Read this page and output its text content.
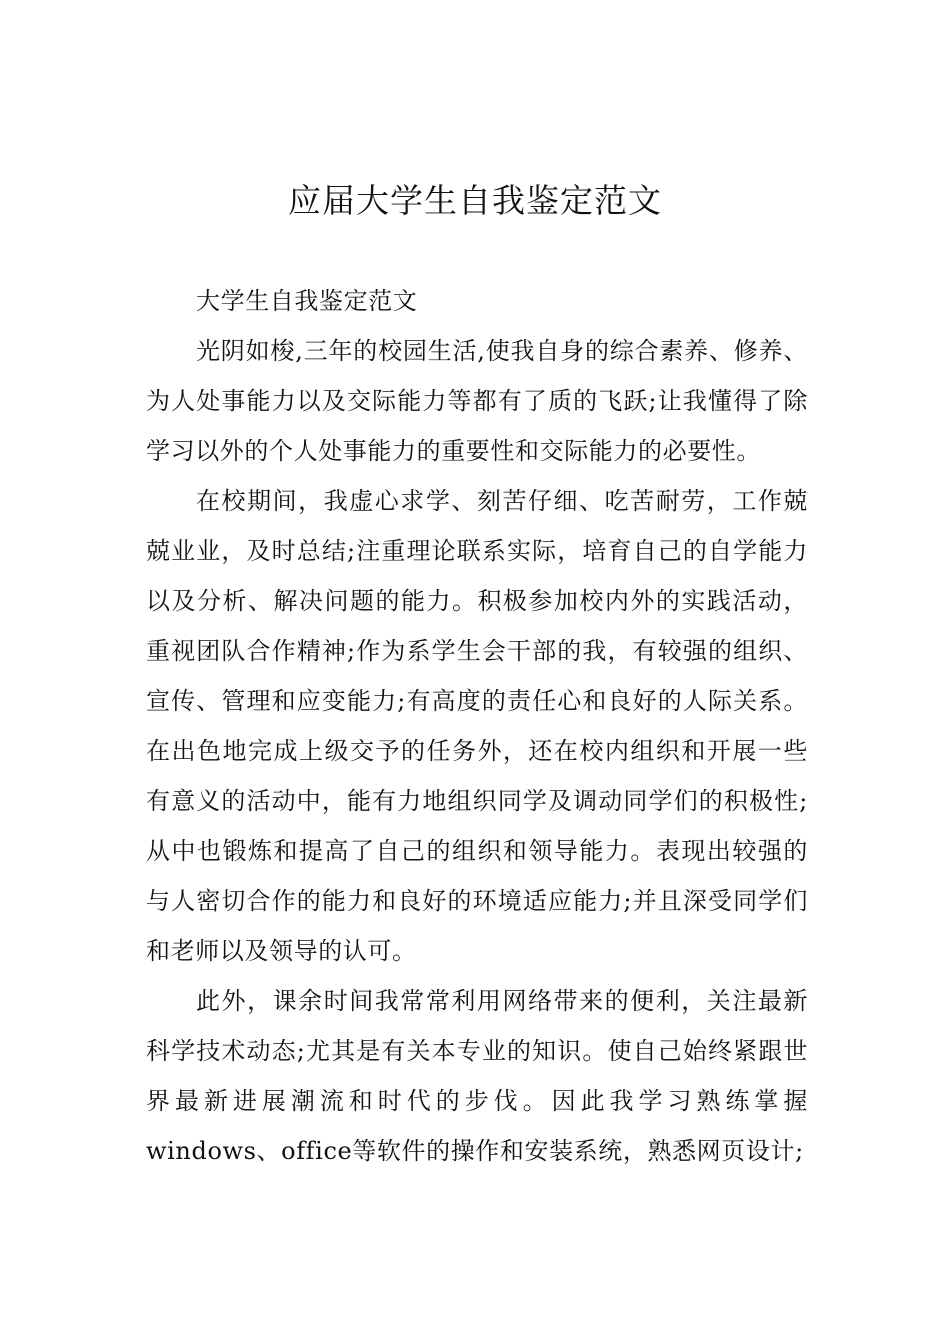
应届大学生自我鉴定范文

大学生自我鉴定范文

光阴如梭,三年的校园生活,使我自身的综合素养、修养、为人处事能力以及交际能力等都有了质的飞跃;让我懂得了除学习以外的个人处事能力的重要性和交际能力的必要性。

在校期间，我虚心求学、刻苦仔细、吃苦耐劳，工作兢兢业业，及时总结;注重理论联系实际，培育自己的自学能力以及分析、解决问题的能力。积极参加校内外的实践活动，重视团队合作精神;作为系学生会干部的我，有较强的组织、宣传、管理和应变能力;有高度的责任心和良好的人际关系。在出色地完成上级交予的任务外，还在校内组织和开展一些有意义的活动中，能有力地组织同学及调动同学们的积极性;从中也锻炼和提高了自己的组织和领导能力。表现出较强的与人密切合作的能力和良好的环境适应能力;并且深受同学们和老师以及领导的认可。

此外，课余时间我常常利用网络带来的便利，关注最新科学技术动态;尤其是有关本专业的知识。使自己始终紧跟世界最新进展潮流和时代的步伐。因此我学习熟练掌握windows、office等软件的操作和安装系统，熟悉网页设计;
